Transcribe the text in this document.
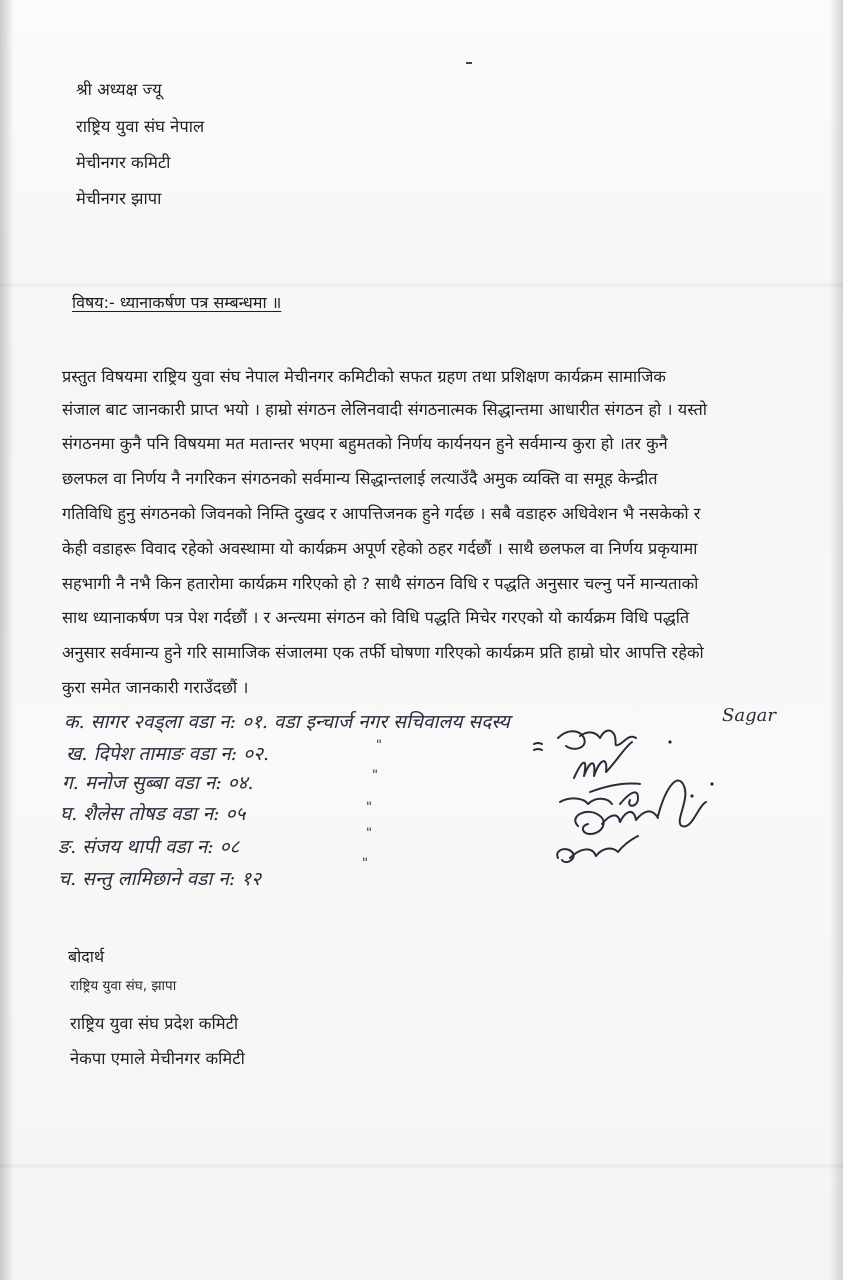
श्री अध्यक्ष ज्यू
राष्ट्रिय युवा संघ नेपाल
मेचीनगर कमिटी
मेचीनगर झापा
विषय:- ध्यानाकर्षण पत्र सम्बन्धमा ॥
प्रस्तुत विषयमा राष्ट्रिय युवा संघ नेपाल मेचीनगर कमिटीको सफत ग्रहण तथा प्रशिक्षण कार्यक्रम सामाजिक
संजाल बाट जानकारी प्राप्त भयो । हाम्रो संगठन लेलिनवादी संगठनात्मक सिद्धान्तमा आधारीत संगठन हो । यस्तो
संगठनमा कुनै पनि विषयमा मत मतान्तर भएमा बहुमतको निर्णय कार्यनयन हुने सर्वमान्य कुरा हो ।तर कुनै
छलफल वा निर्णय नै नगरिकन संगठनको सर्वमान्य सिद्धान्तलाई लत्याउँदै अमुक व्यक्ति वा समूह केन्द्रीत
गतिविधि हुनु संगठनको जिवनको निम्ति दुखद र आपत्तिजनक हुने गर्दछ । सबै वडाहरु अधिवेशन भै नसकेको र
केही वडाहरू विवाद रहेको अवस्थामा यो कार्यक्रम अपूर्ण रहेको ठहर गर्दछौं । साथै छलफल वा निर्णय प्रकृयामा
सहभागी नै नभै किन हतारोमा कार्यक्रम गरिएको हो ? साथै संगठन विधि र पद्धति अनुसार चल्नु पर्ने मान्यताको
साथ ध्यानाकर्षण पत्र पेश गर्दछौं । र अन्त्यमा संगठन को विधि पद्धति मिचेर गरएको यो कार्यक्रम विधि पद्धति
अनुसार सर्वमान्य हुने गरि सामाजिक संजालमा एक तर्फी घोषणा गरिएको कार्यक्रम प्रति हाम्रो घोर आपत्ति रहेको
कुरा समेत जानकारी गराउँदछौं ।
क. सागर २वड्ला वडा न: ०१. वडा इन्चार्ज नगर सचिवालय सदस्य	Sagar
ख. दिपेश तामाङ वडा न: ०२.	"
ग. मनोज सुब्बा वडा न: ०४.	"
घ. शैलेस तोषड वडा न: ०५	"
ङ. संजय थापी वडा न: ०८
"
च. सन्तु लामिछाने वडा न: १२
"
बोदार्थ
राष्ट्रिय युवा संघ, झापा
राष्ट्रिय युवा संघ प्रदेश कमिटी
नेकपा एमाले मेचीनगर कमिटी
